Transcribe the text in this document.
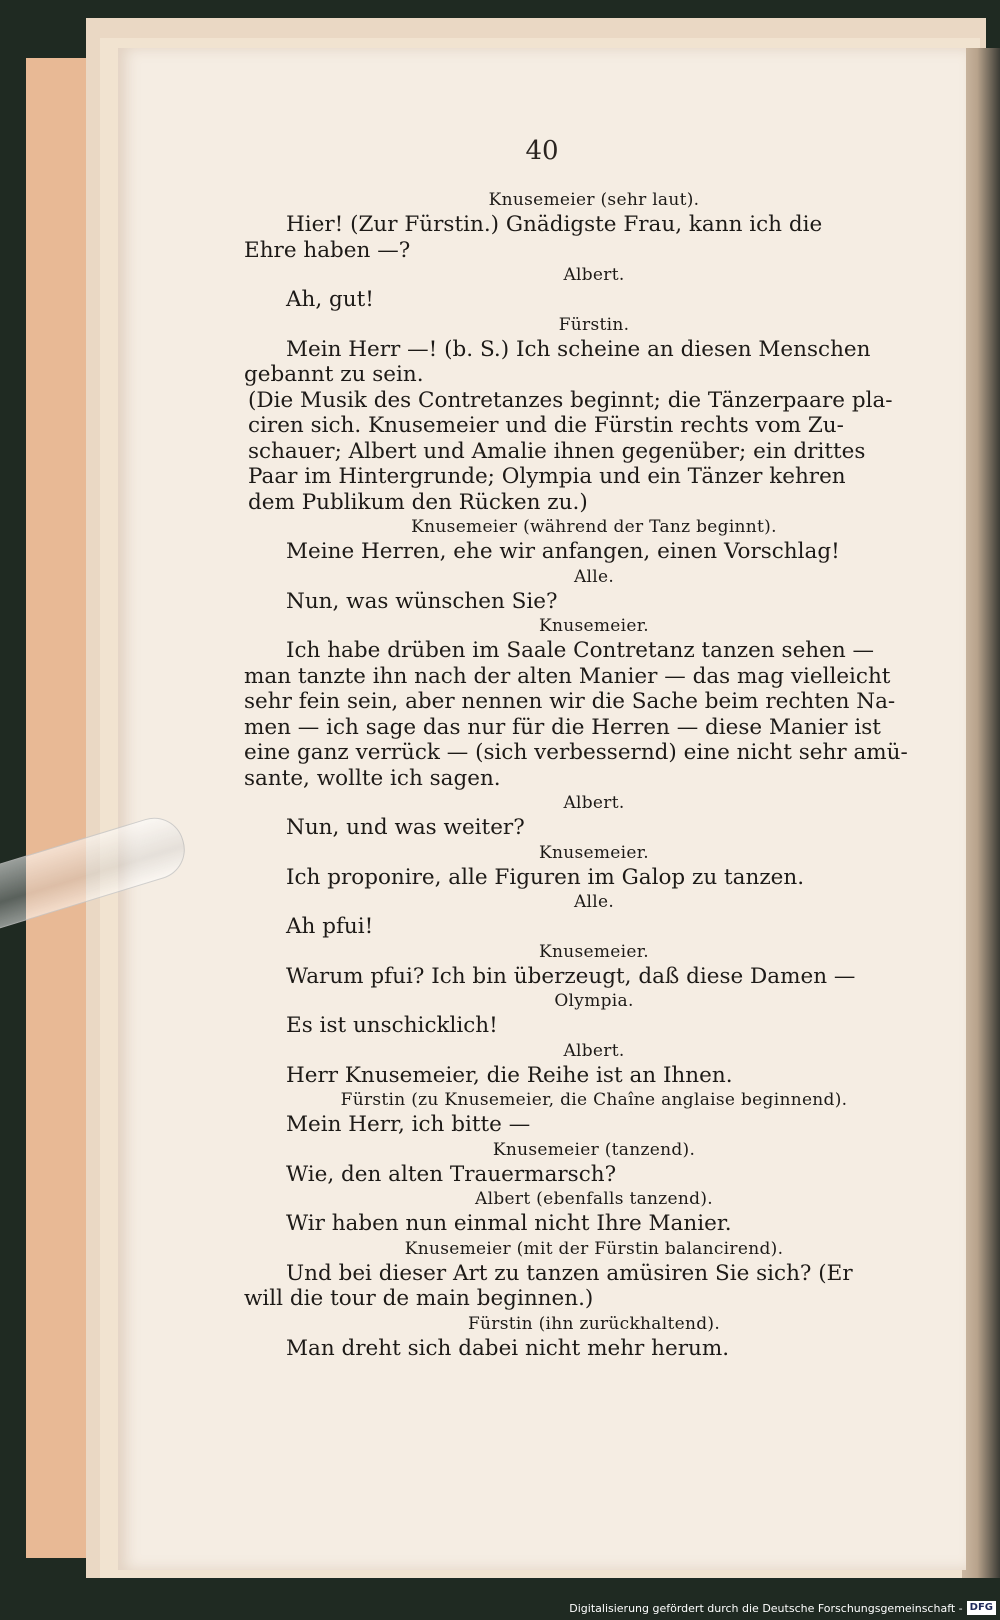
40
Knusemeier (sehr laut).
Hier! (Zur Fürstin.) Gnädigste Frau, kann ich die
Ehre haben —?
Albert.
Ah, gut!
Fürstin.
Mein Herr —! (b. S.) Ich scheine an diesen Menschen
gebannt zu sein.
(Die Musik des Contretanzes beginnt; die Tänzerpaare pla-
ciren sich. Knusemeier und die Fürstin rechts vom Zu-
schauer; Albert und Amalie ihnen gegenüber; ein drittes
Paar im Hintergrunde; Olympia und ein Tänzer kehren
dem Publikum den Rücken zu.)
Knusemeier (während der Tanz beginnt).
Meine Herren, ehe wir anfangen, einen Vorschlag!
Alle.
Nun, was wünschen Sie?
Knusemeier.
Ich habe drüben im Saale Contretanz tanzen sehen —
man tanzte ihn nach der alten Manier — das mag vielleicht
sehr fein sein, aber nennen wir die Sache beim rechten Na-
men — ich sage das nur für die Herren — diese Manier ist
eine ganz verrück — (sich verbessernd) eine nicht sehr amü-
sante, wollte ich sagen.
Albert.
Nun, und was weiter?
Knusemeier.
Ich proponire, alle Figuren im Galop zu tanzen.
Alle.
Ah pfui!
Knusemeier.
Warum pfui? Ich bin überzeugt, daß diese Damen —
Olympia.
Es ist unschicklich!
Albert.
Herr Knusemeier, die Reihe ist an Ihnen.
Fürstin (zu Knusemeier, die Chaîne anglaise beginnend).
Mein Herr, ich bitte —
Knusemeier (tanzend).
Wie, den alten Trauermarsch?
Albert (ebenfalls tanzend).
Wir haben nun einmal nicht Ihre Manier.
Knusemeier (mit der Fürstin balancirend).
Und bei dieser Art zu tanzen amüsiren Sie sich? (Er
will die tour de main beginnen.)
Fürstin (ihn zurückhaltend).
Man dreht sich dabei nicht mehr herum.
Digitalisierung gefördert durch die Deutsche Forschungsgemeinschaft - DFG
